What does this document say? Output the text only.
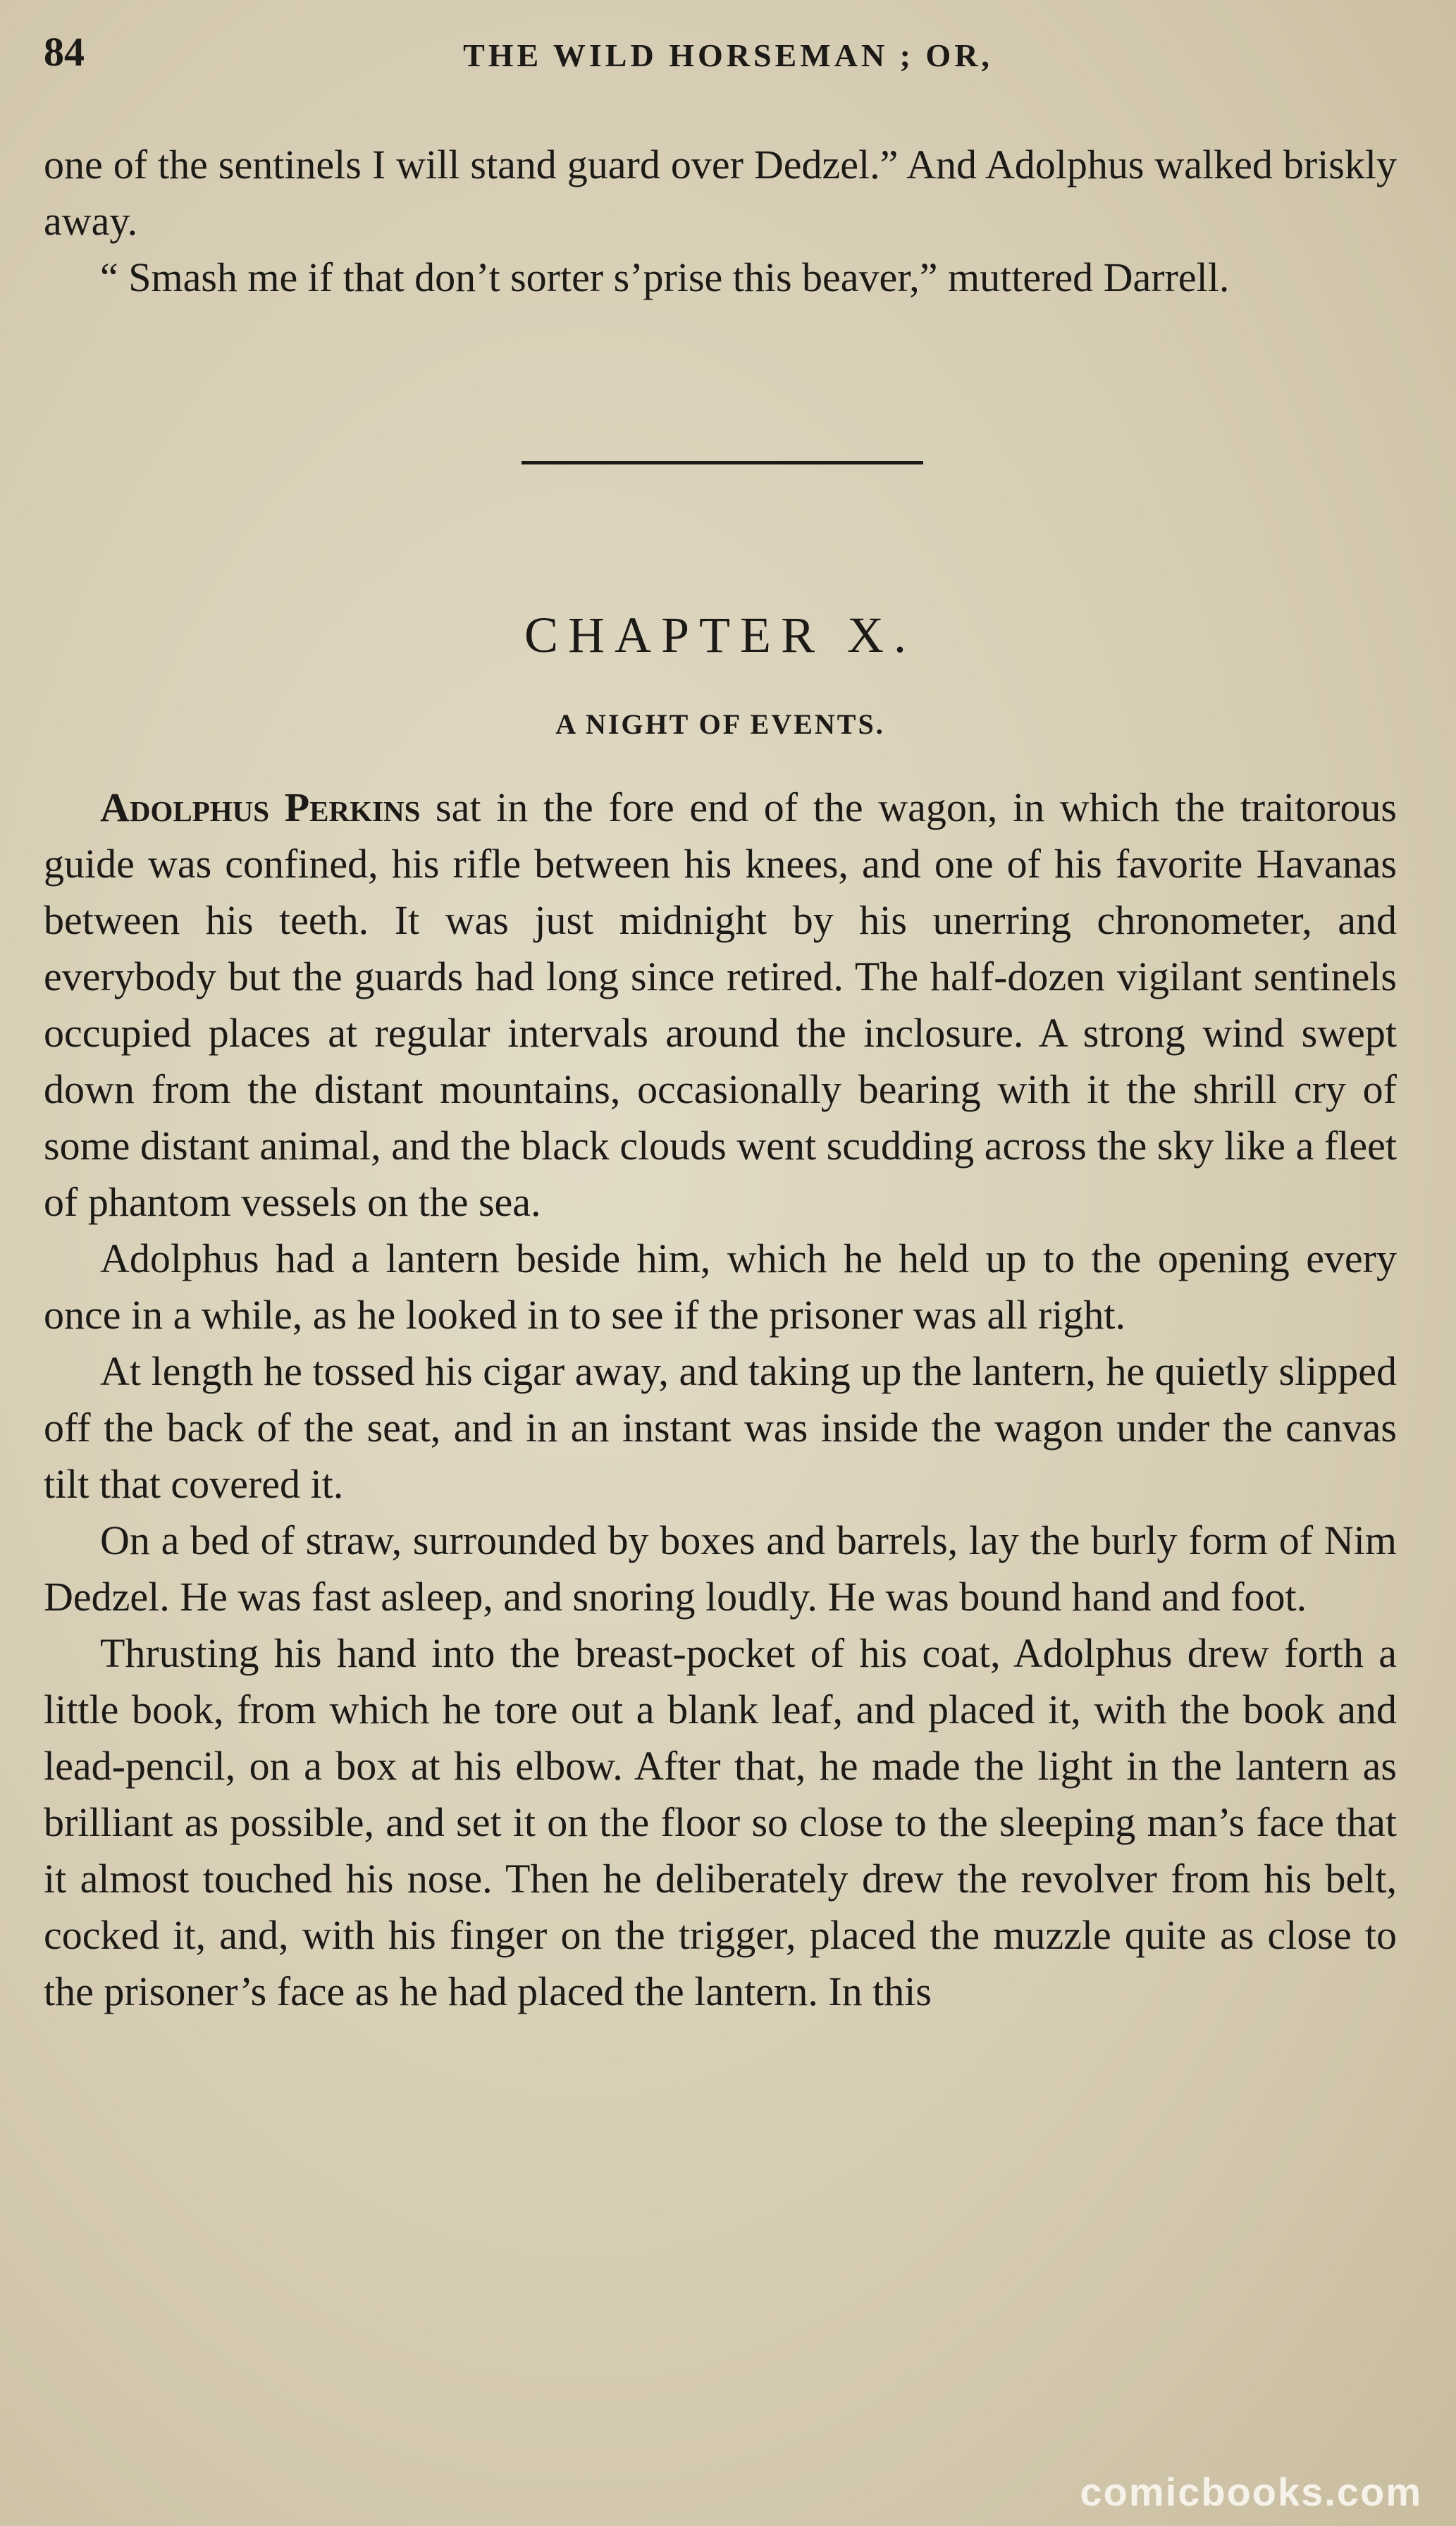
84	THE WILD HORSEMAN ; OR,

one of the sentinels I will stand guard over Dedzel.” And Adolphus walked briskly away.

“ Smash me if that don’t sorter s’prise this beaver,” muttered Darrell.

CHAPTER X.
A NIGHT OF EVENTS.

Adolphus Perkins sat in the fore end of the wagon, in which the traitorous guide was confined, his rifle between his knees, and one of his favorite Havanas between his teeth. It was just midnight by his unerring chronometer, and everybody but the guards had long since retired. The half-dozen vigilant sentinels occupied places at regular intervals around the inclosure. A strong wind swept down from the distant mountains, occasionally bearing with it the shrill cry of some distant animal, and the black clouds went scudding across the sky like a fleet of phantom vessels on the sea.

Adolphus had a lantern beside him, which he held up to the opening every once in a while, as he looked in to see if the prisoner was all right.

At length he tossed his cigar away, and taking up the lantern, he quietly slipped off the back of the seat, and in an instant was inside the wagon under the canvas tilt that covered it.

On a bed of straw, surrounded by boxes and barrels, lay the burly form of Nim Dedzel. He was fast asleep, and snoring loudly. He was bound hand and foot.

Thrusting his hand into the breast-pocket of his coat, Adolphus drew forth a little book, from which he tore out a blank leaf, and placed it, with the book and lead-pencil, on a box at his elbow. After that, he made the light in the lantern as brilliant as possible, and set it on the floor so close to the sleeping man’s face that it almost touched his nose. Then he deliberately drew the revolver from his belt, cocked it, and, with his finger on the trigger, placed the muzzle quite as close to the prisoner’s face as he had placed the lantern. In this

comicbooks.com
